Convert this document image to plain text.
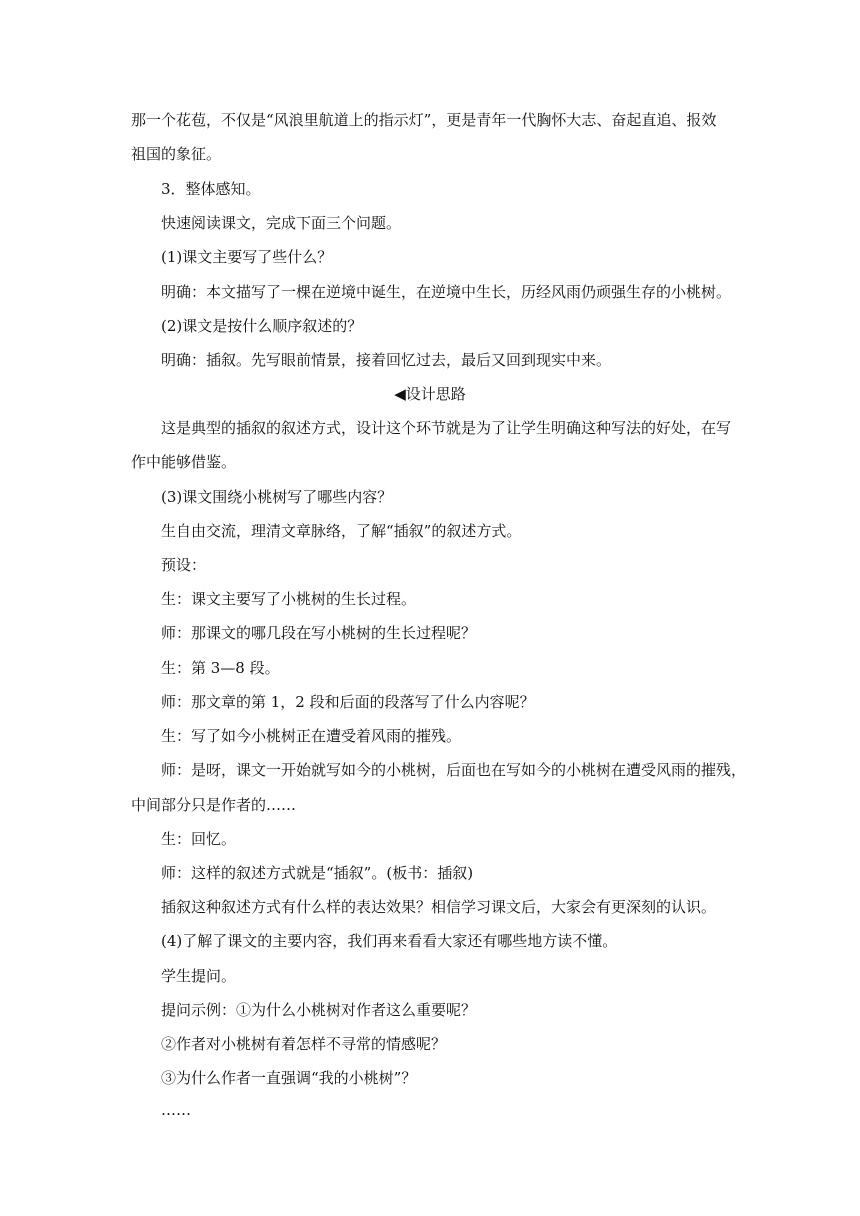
那一个花苞，不仅是“风浪里航道上的指示灯”，更是青年一代胸怀大志、奋起直追、报效
祖国的象征。
3．整体感知。
快速阅读课文，完成下面三个问题。
(1)课文主要写了些什么？
明确：本文描写了一棵在逆境中诞生，在逆境中生长，历经风雨仍顽强生存的小桃树。
(2)课文是按什么顺序叙述的？
明确：插叙。先写眼前情景，接着回忆过去，最后又回到现实中来。
◀设计思路
这是典型的插叙的叙述方式，设计这个环节就是为了让学生明确这种写法的好处，在写
作中能够借鉴。
(3)课文围绕小桃树写了哪些内容？
生自由交流，理清文章脉络，了解“插叙”的叙述方式。
预设：
生：课文主要写了小桃树的生长过程。
师：那课文的哪几段在写小桃树的生长过程呢？
生：第 3—8 段。
师：那文章的第 1，2 段和后面的段落写了什么内容呢？
生：写了如今小桃树正在遭受着风雨的摧残。
师：是呀，课文一开始就写如今的小桃树，后面也在写如今的小桃树在遭受风雨的摧残，
中间部分只是作者的……
生：回忆。
师：这样的叙述方式就是“插叙”。(板书：插叙)
插叙这种叙述方式有什么样的表达效果？相信学习课文后，大家会有更深刻的认识。
(4)了解了课文的主要内容，我们再来看看大家还有哪些地方读不懂。
学生提问。
提问示例：①为什么小桃树对作者这么重要呢？
②作者对小桃树有着怎样不寻常的情感呢？
③为什么作者一直强调“我的小桃树”？
……
